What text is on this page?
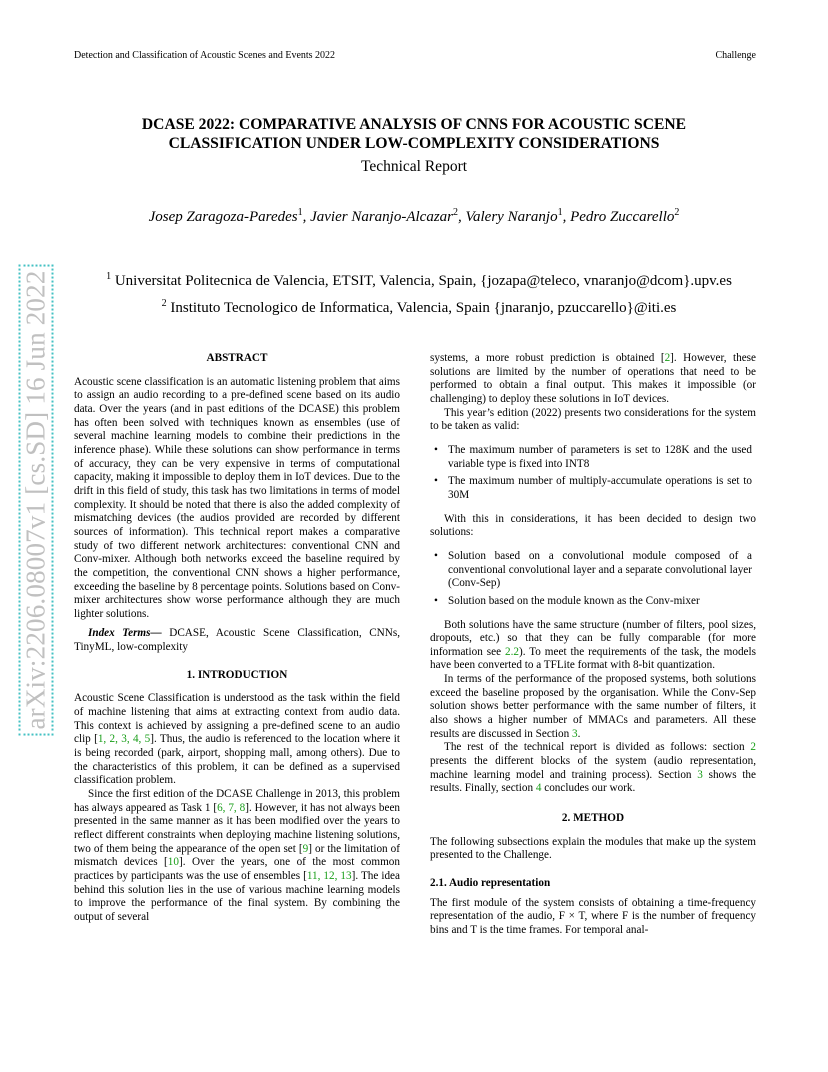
Detection and Classification of Acoustic Scenes and Events 2022	Challenge
arXiv:2206.08007v1 [cs.SD] 16 Jun 2022
DCASE 2022: COMPARATIVE ANALYSIS OF CNNS FOR ACOUSTIC SCENE
CLASSIFICATION UNDER LOW-COMPLEXITY CONSIDERATIONS
Technical Report
Josep Zaragoza-Paredes$^1$, Javier Naranjo-Alcazar$^2$, Valery Naranjo$^1$, Pedro Zuccarello$^2$
$^1$ Universitat Politecnica de Valencia, ETSIT, Valencia, Spain, {jozapa@teleco, vnaranjo@dcom}.upv.es
$^2$ Instituto Tecnologico de Informatica, Valencia, Spain {jnaranjo, pzuccarello}@iti.es

ABSTRACT

Acoustic scene classification is an automatic listening problem that aims to assign an audio recording to a pre-defined scene based on its audio data. Over the years (and in past editions of the DCASE) this problem has often been solved with techniques known as ensembles (use of several machine learning models to combine their predictions in the inference phase). While these solutions can show performance in terms of accuracy, they can be very expensive in terms of computational capacity, making it impossible to deploy them in IoT devices. Due to the drift in this field of study, this task has two limitations in terms of model complexity. It should be noted that there is also the added complexity of mismatching devices (the audios provided are recorded by different sources of information). This technical report makes a comparative study of two different network architectures: conventional CNN and Conv-mixer. Although both networks exceed the baseline required by the competition, the conventional CNN shows a higher performance, exceeding the baseline by 8 percentage points. Solutions based on Conv-mixer architectures show worse performance although they are much lighter solutions.

Index Terms— DCASE, Acoustic Scene Classification, CNNs, TinyML, low-complexity

1. INTRODUCTION

Acoustic Scene Classification is understood as the task within the field of machine listening that aims at extracting context from audio data. This context is achieved by assigning a pre-defined scene to an audio clip [1, 2, 3, 4, 5]. Thus, the audio is referenced to the location where it is being recorded (park, airport, shopping mall, among others). Due to the characteristics of this problem, it can be defined as a supervised classification problem.

Since the first edition of the DCASE Challenge in 2013, this problem has always appeared as Task 1 [6, 7, 8]. However, it has not always been presented in the same manner as it has been modified over the years to reflect different constraints when deploying machine listening solutions, two of them being the appearance of the open set [9] or the limitation of mismatch devices [10]. Over the years, one of the most common practices by participants was the use of ensembles [11, 12, 13]. The idea behind this solution lies in the use of various machine learning models to improve the performance of the final system. By combining the output of several

systems, a more robust prediction is obtained [2]. However, these solutions are limited by the number of operations that need to be performed to obtain a final output. This makes it impossible (or challenging) to deploy these solutions in IoT devices.

This year’s edition (2022) presents two considerations for the system to be taken as valid:

• The maximum number of parameters is set to 128K and the used variable type is fixed into INT8
• The maximum number of multiply-accumulate operations is set to 30M

With this in considerations, it has been decided to design two solutions:

• Solution based on a convolutional module composed of a conventional convolutional layer and a separate convolutional layer (Conv-Sep)
• Solution based on the module known as the Conv-mixer

Both solutions have the same structure (number of filters, pool sizes, dropouts, etc.) so that they can be fully comparable (for more information see 2.2). To meet the requirements of the task, the models have been converted to a TFLite format with 8-bit quantization.

In terms of the performance of the proposed systems, both solutions exceed the baseline proposed by the organisation. While the Conv-Sep solution shows better performance with the same number of filters, it also shows a higher number of MMACs and parameters. All these results are discussed in Section 3.

The rest of the technical report is divided as follows: section 2 presents the different blocks of the system (audio representation, machine learning model and training process). Section 3 shows the results. Finally, section 4 concludes our work.

2. METHOD

The following subsections explain the modules that make up the system presented to the Challenge.

2.1. Audio representation

The first module of the system consists of obtaining a time-frequency representation of the audio, F × T, where F is the number of frequency bins and T is the time frames. For temporal anal-
